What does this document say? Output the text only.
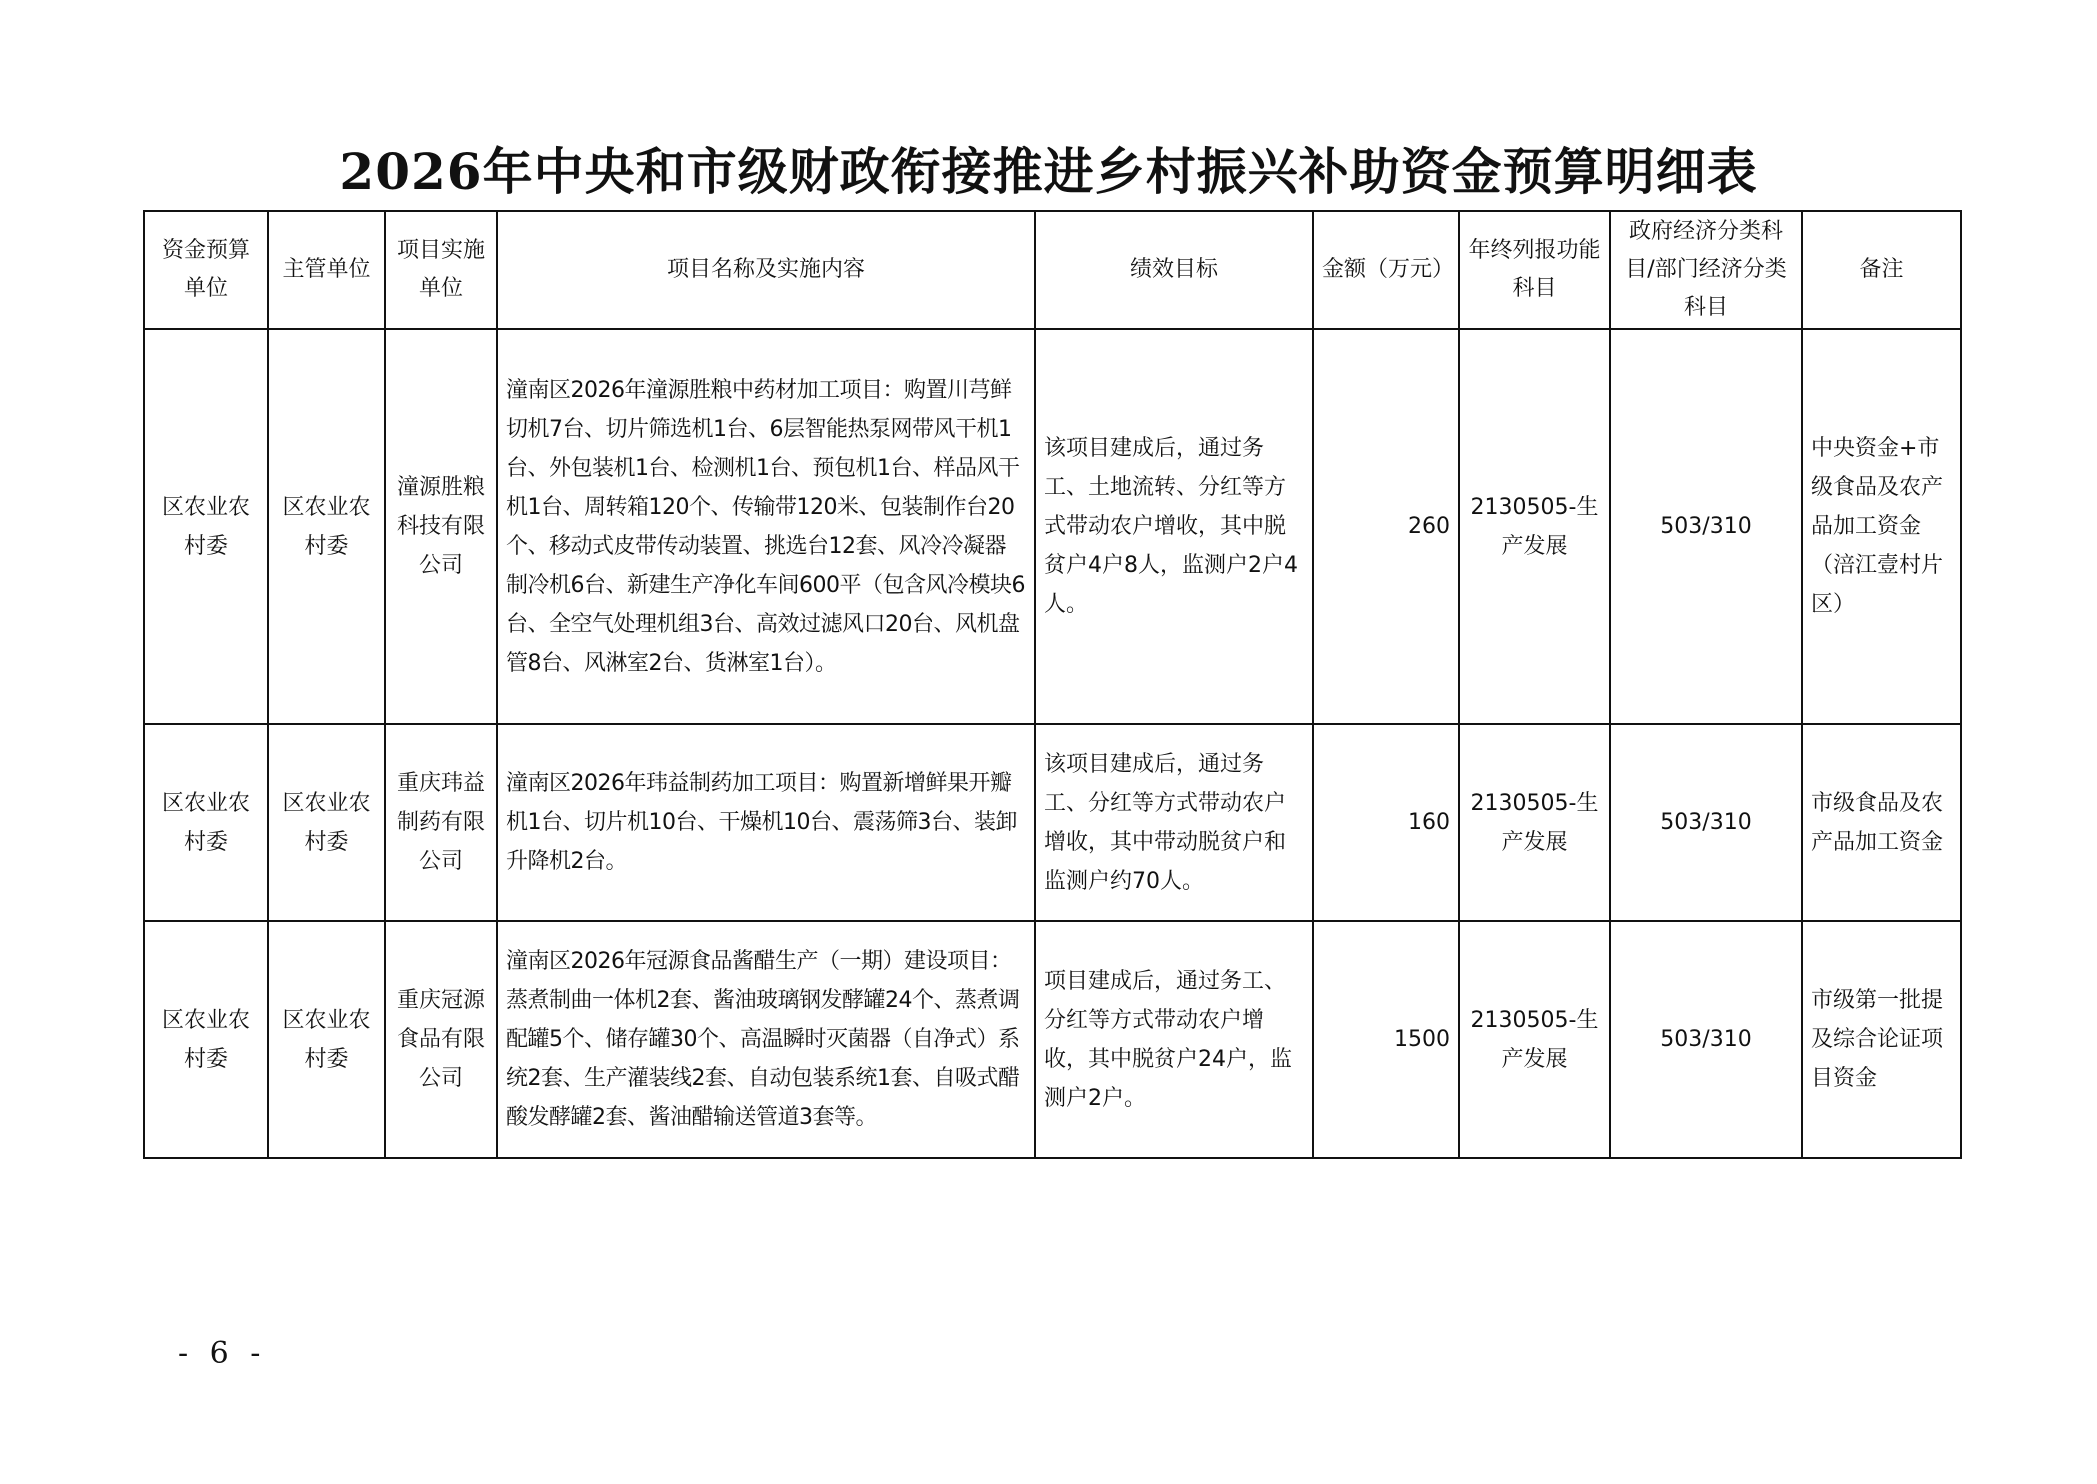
2026年中央和市级财政衔接推进乡村振兴补助资金预算明细表
资金预算单位	主管单位	项目实施单位	项目名称及实施内容	绩效目标	金额（万元）	年终列报功能科目	政府经济分类科目/部门经济分类科目	备注
区农业农村委	区农业农村委	潼源胜粮科技有限公司	潼南区2026年潼源胜粮中药材加工项目：购置川芎鲜切机7台、切片筛选机1台、6层智能热泵网带风干机1台、外包装机1台、检测机1台、预包机1台、样品风干机1台、周转箱120个、传输带120米、包装制作台20个、移动式皮带传动装置、挑选台12套、风冷冷凝器制冷机6台、新建生产净化车间600平（包含风冷模块6台、全空气处理机组3台、高效过滤风口20台、风机盘管8台、风淋室2台、货淋室1台）。	该项目建成后，通过务工、土地流转、分红等方式带动农户增收，其中脱贫户4户8人，监测户2户4人。	260	2130505-生产发展	503/310	中央资金+市级食品及农产品加工资金（涪江壹村片区）
区农业农村委	区农业农村委	重庆玮益制药有限公司	潼南区2026年玮益制药加工项目：购置新增鲜果开瓣机1台、切片机10台、干燥机10台、震荡筛3台、装卸升降机2台。	该项目建成后，通过务工、分红等方式带动农户增收，其中带动脱贫户和监测户约70人。	160	2130505-生产发展	503/310	市级食品及农产品加工资金
区农业农村委	区农业农村委	重庆冠源食品有限公司	潼南区2026年冠源食品酱醋生产（一期）建设项目：蒸煮制曲一体机2套、酱油玻璃钢发酵罐24个、蒸煮调配罐5个、储存罐30个、高温瞬时灭菌器（自净式）系统2套、生产灌装线2套、自动包装系统1套、自吸式醋酸发酵罐2套、酱油醋输送管道3套等。	项目建成后，通过务工、分红等方式带动农户增收，其中脱贫户24户，监测户2户。	1500	2130505-生产发展	503/310	市级第一批提及综合论证项目资金
- 6 -
